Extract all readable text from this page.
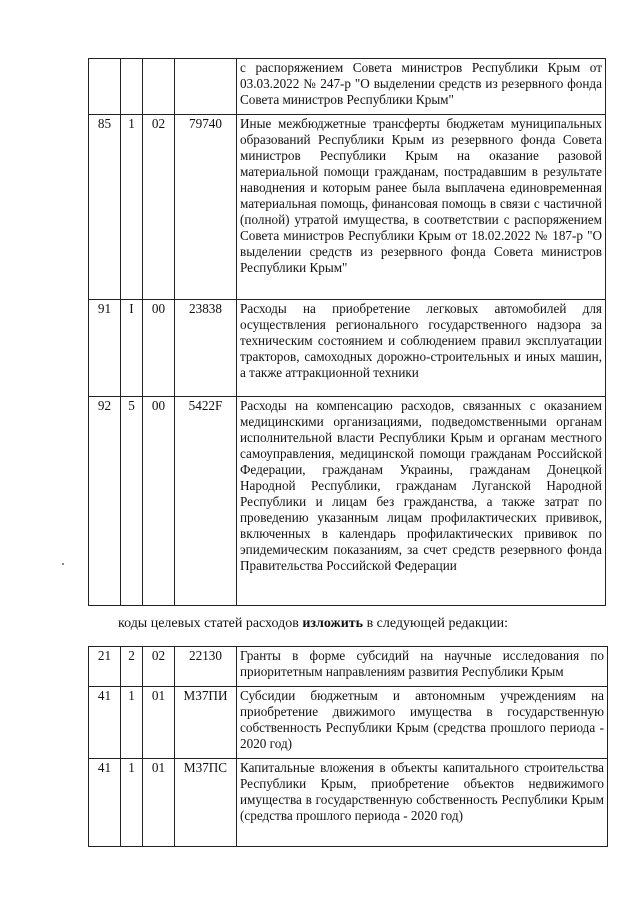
				с распоряжением Совета министров Республики Крым от 03.03.2022 № 247-р "О выделении средств из резервного фонда Совета министров Республики Крым"
85	1	02	79740	Иные межбюджетные трансферты бюджетам муниципальных образований Республики Крым из резервного фонда Совета министров Республики Крым на оказание разовой материальной помощи гражданам, пострадавшим в результате наводнения и которым ранее была выплачена единовременная материальная помощь, финансовая помощь в связи с частичной (полной) утратой имущества, в соответствии с распоряжением Совета министров Республики Крым от 18.02.2022 № 187-р "О выделении средств из резервного фонда Совета министров Республики Крым"
91	I	00	23838	Расходы на приобретение легковых автомобилей для осуществления регионального государственного надзора за техническим состоянием и соблюдением правил эксплуатации тракторов, самоходных дорожно-строительных и иных машин, а также аттракционной техники
92	5	00	5422F	Расходы на компенсацию расходов, связанных с оказанием медицинскими организациями, подведомственными органам исполнительной власти Республики Крым и органам местного самоуправления, медицинской помощи гражданам Российской Федерации, гражданам Украины, гражданам Донецкой Народной Республики, гражданам Луганской Народной Республики и лицам без гражданства, а также затрат по проведению указанным лицам профилактических прививок, включенных в календарь профилактических прививок по эпидемическим показаниям, за счет средств резервного фонда Правительства Российской Федерации
коды целевых статей расходов изложить в следующей редакции:
21	2	02	22130	Гранты в форме субсидий на научные исследования по приоритетным направлениям развития Республики Крым
41	1	01	М37ПИ	Субсидии бюджетным и автономным учреждениям на приобретение движимого имущества в государственную собственность Республики Крым (средства прошлого периода - 2020 год)
41	1	01	М37ПС	Капитальные вложения в объекты капитального строительства Республики Крым, приобретение объектов недвижимого имущества в государственную собственность Республики Крым (средства прошлого периода - 2020 год)
